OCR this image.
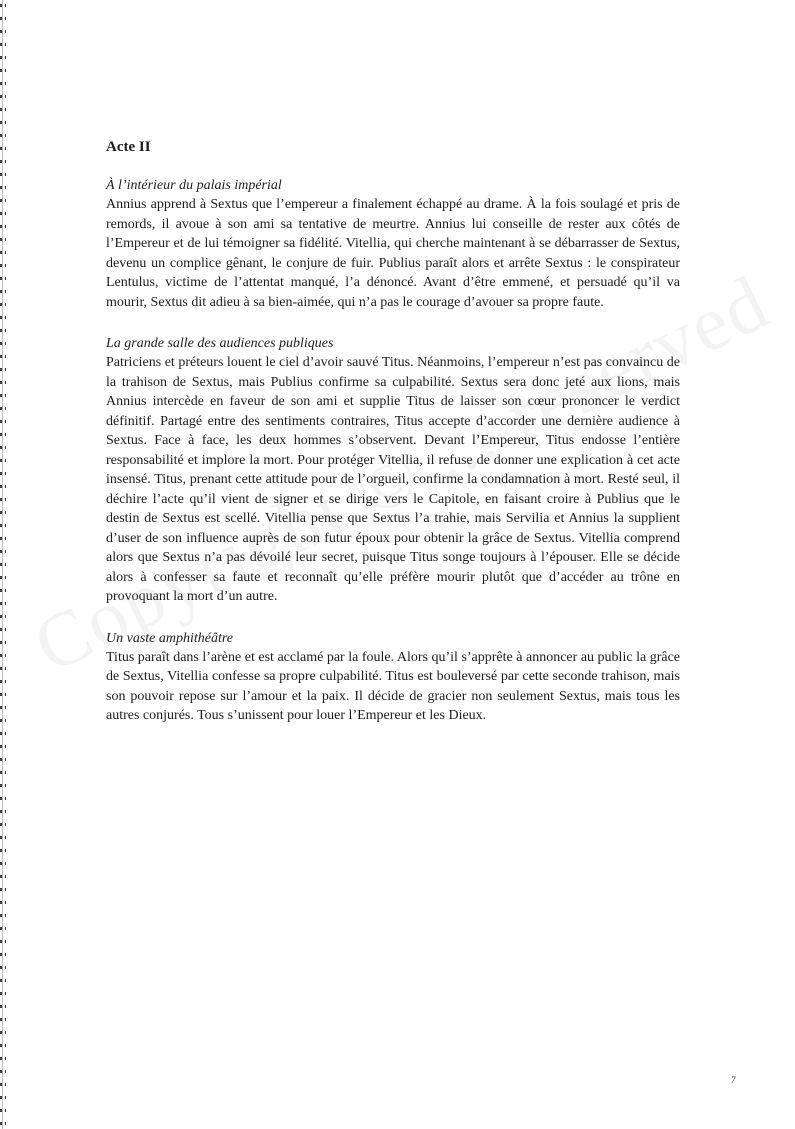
Acte II

À l’intérieur du palais impérial

Annius apprend à Sextus que l’empereur a finalement échappé au drame. À la fois soulagé et pris de remords, il avoue à son ami sa tentative de meurtre. Annius lui conseille de rester aux côtés de l’Empereur et de lui témoigner sa fidélité. Vitellia, qui cherche maintenant à se débarrasser de Sextus, devenu un complice gênant, le conjure de fuir. Publius paraît alors et arrête Sextus : le conspirateur Lentulus, victime de l’attentat manqué, l’a dénoncé. Avant d’être emmené, et persuadé qu’il va mourir, Sextus dit adieu à sa bien-aimée, qui n’a pas le courage d’avouer sa propre faute.

La grande salle des audiences publiques

Patriciens et préteurs louent le ciel d’avoir sauvé Titus. Néanmoins, l’empereur n’est pas convaincu de la trahison de Sextus, mais Publius confirme sa culpabilité. Sextus sera donc jeté aux lions, mais Annius intercède en faveur de son ami et supplie Titus de laisser son cœur prononcer le verdict définitif. Partagé entre des sentiments contraires, Titus accepte d’accorder une dernière audience à Sextus. Face à face, les deux hommes s’observent. Devant l’Empereur, Titus endosse l’entière responsabilité et implore la mort. Pour protéger Vitellia, il refuse de donner une explication à cet acte insensé. Titus, prenant cette attitude pour de l’orgueil, confirme la condamnation à mort. Resté seul, il déchire l’acte qu’il vient de signer et se dirige vers le Capitole, en faisant croire à Publius que le destin de Sextus est scellé. Vitellia pense que Sextus l’a trahie, mais Servilia et Annius la supplient d’user de son influence auprès de son futur époux pour obtenir la grâce de Sextus. Vitellia comprend alors que Sextus n’a pas dévoilé leur secret, puisque Titus songe toujours à l’épouser. Elle se décide alors à confesser sa faute et reconnaît qu’elle préfère mourir plutôt que d’accéder au trône en provoquant la mort d’un autre.

Un vaste amphithéâtre

Titus paraît dans l’arène et est acclamé par la foule. Alors qu’il s’apprête à annoncer au public la grâce de Sextus, Vitellia confesse sa propre culpabilité. Titus est bouleversé par cette seconde trahison, mais son pouvoir repose sur l’amour et la paix. Il décide de gracier non seulement Sextus, mais tous les autres conjurés. Tous s’unissent pour louer l’Empereur et les Dieux.

7
